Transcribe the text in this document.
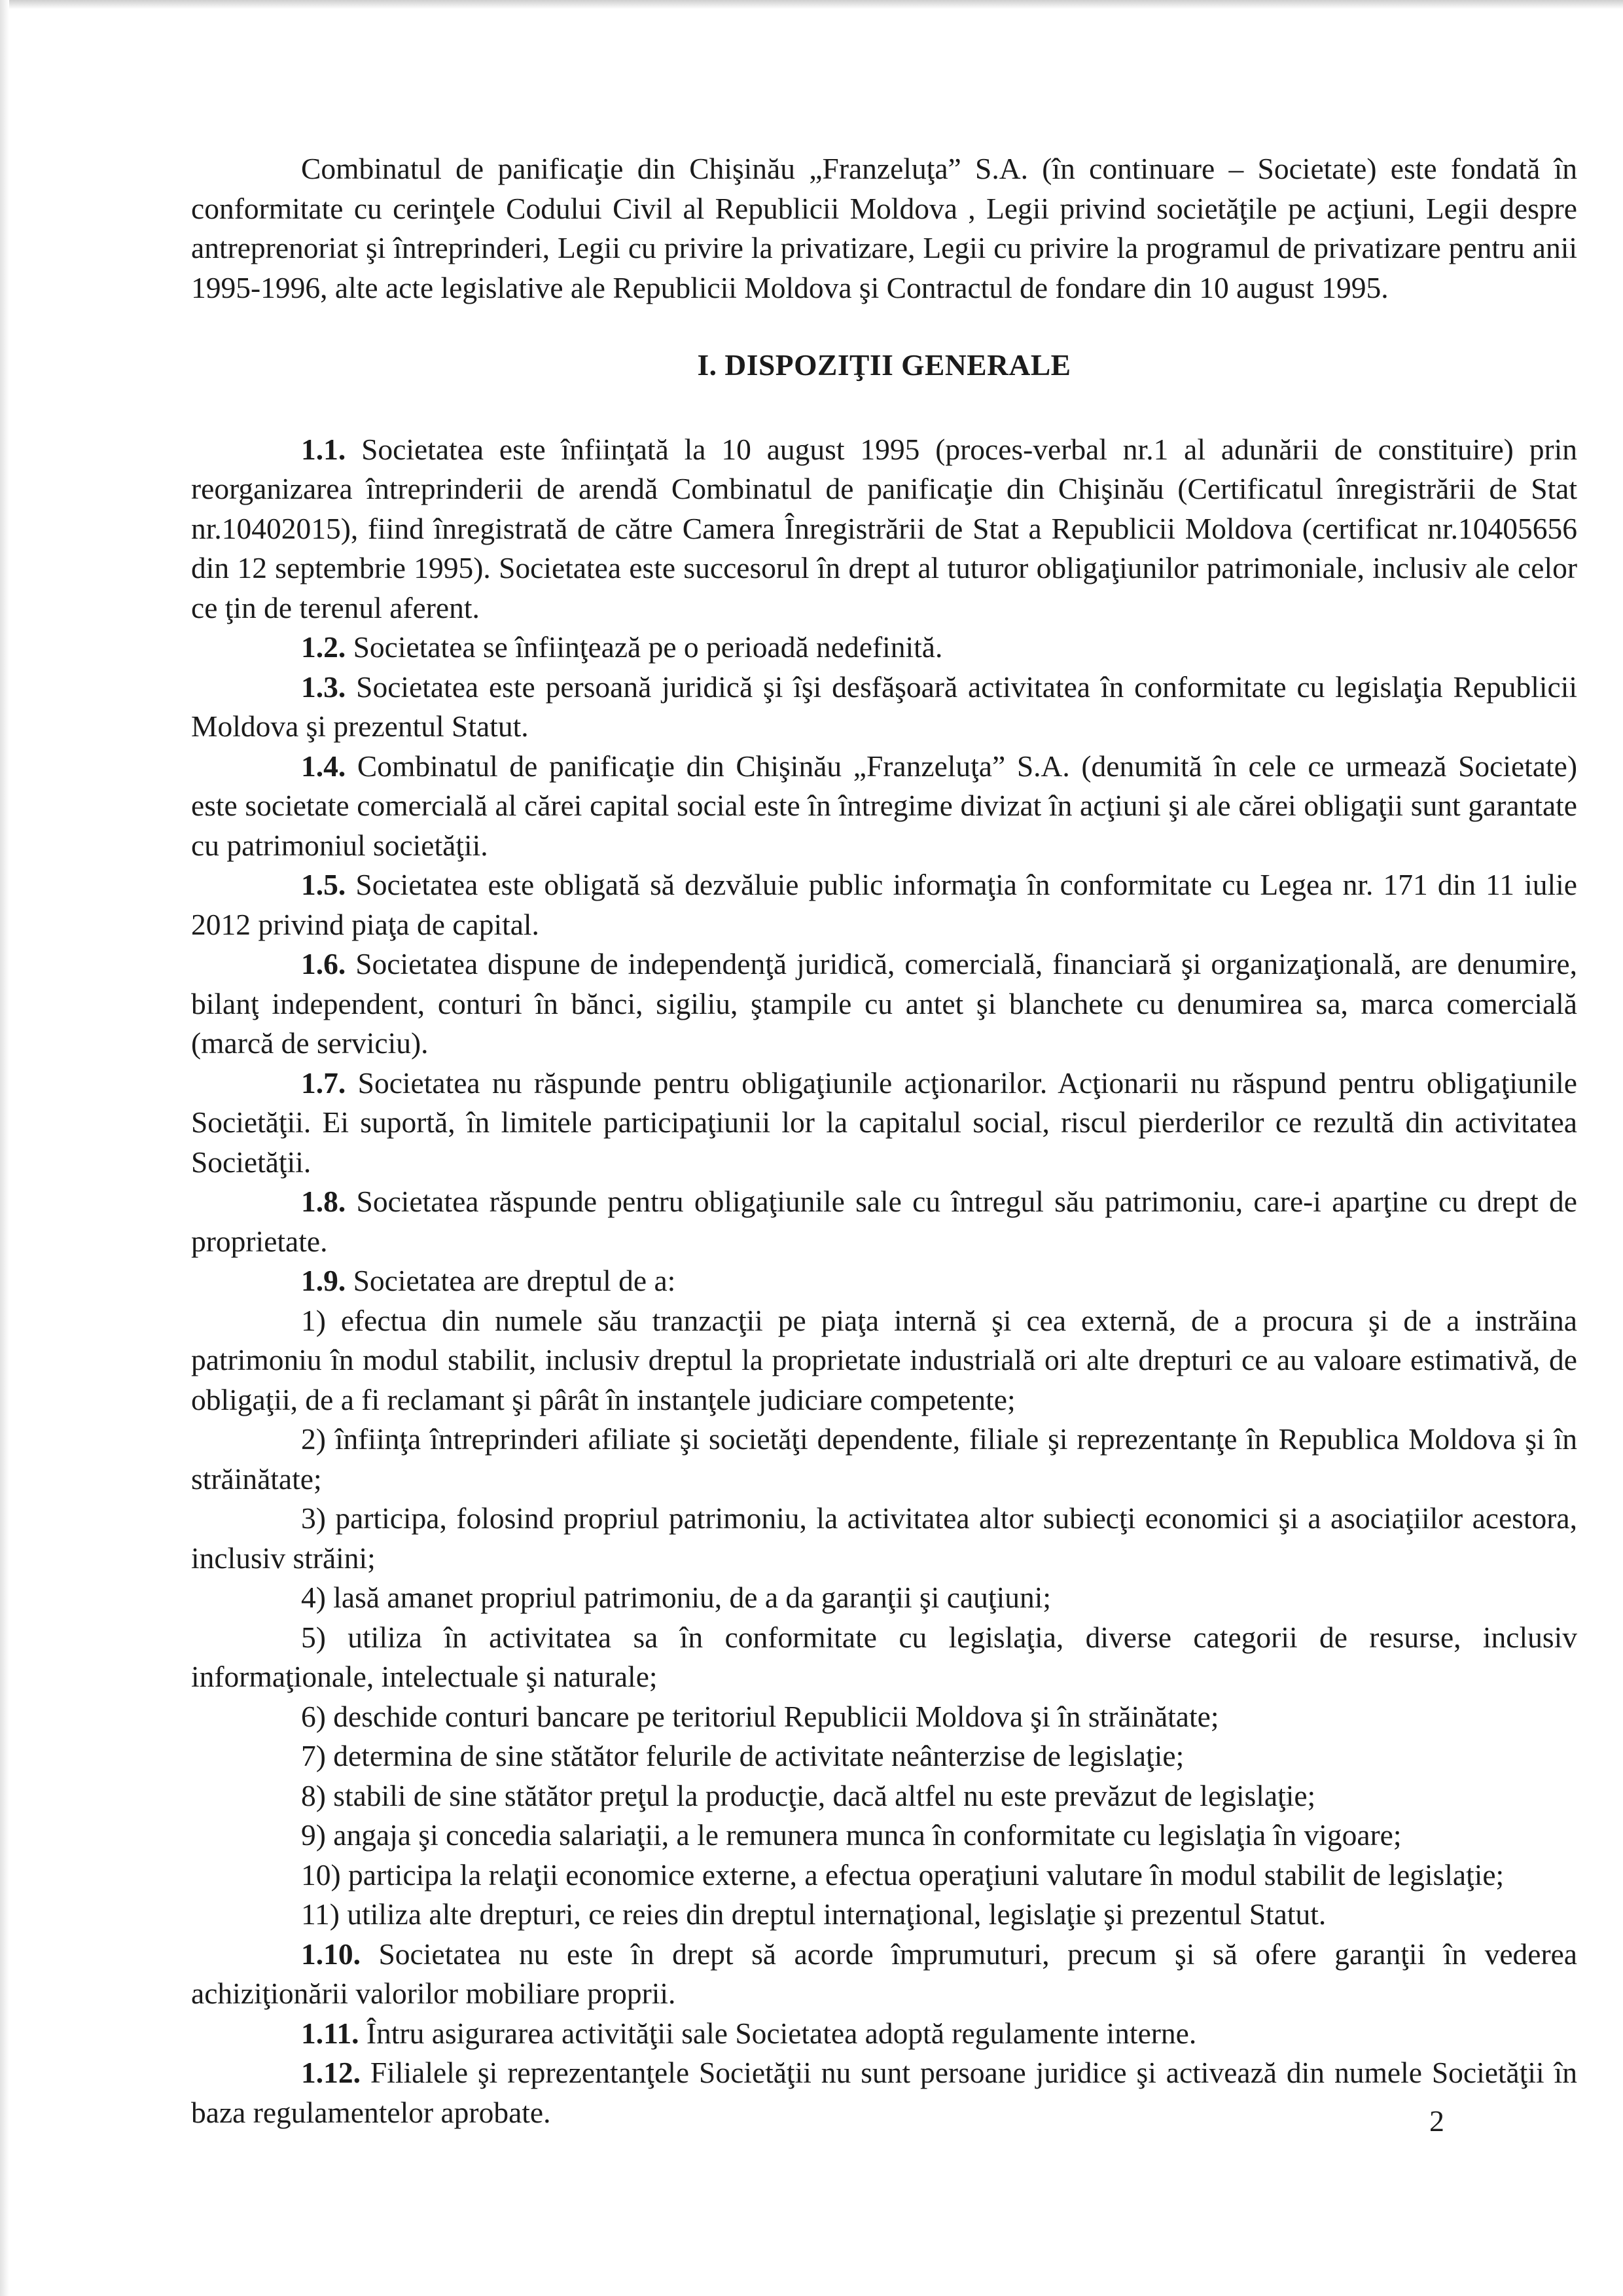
Combinatul de panificaţie din Chişinău „Franzeluţa” S.A. (în continuare – Societate) este fondată în conformitate cu cerinţele Codului Civil al Republicii Moldova , Legii privind societăţile pe acţiuni, Legii despre antreprenoriat şi întreprinderi, Legii cu privire la privatizare, Legii cu privire la programul de privatizare pentru anii 1995-1996, alte acte legislative ale Republicii Moldova şi Contractul de fondare din 10 august 1995.

I. DISPOZIŢII GENERALE

1.1. Societatea este înfiinţată la 10 august 1995 (proces-verbal nr.1 al adunării de constituire) prin reorganizarea întreprinderii de arendă Combinatul de panificaţie din Chişinău (Certificatul înregistrării de Stat nr.10402015), fiind înregistrată de către Camera Înregistrării de Stat a Republicii Moldova (certificat nr.10405656 din 12 septembrie 1995). Societatea este succesorul în drept al tuturor obligaţiunilor patrimoniale, inclusiv ale celor ce ţin de terenul aferent.

1.2. Societatea se înfiinţează pe o perioadă nedefinită.

1.3. Societatea este persoană juridică şi îşi desfăşoară activitatea în conformitate cu legislaţia Republicii Moldova şi prezentul Statut.

1.4. Combinatul de panificaţie din Chişinău „Franzeluţa” S.A. (denumită în cele ce urmează Societate) este societate comercială al cărei capital social este în întregime divizat în acţiuni şi ale cărei obligaţii sunt garantate cu patrimoniul societăţii.

1.5. Societatea este obligată să dezvăluie public informaţia în conformitate cu Legea nr. 171 din 11 iulie 2012 privind piaţa de capital.

1.6. Societatea dispune de independenţă juridică, comercială, financiară şi organizaţională, are denumire, bilanţ independent, conturi în bănci, sigiliu, ştampile cu antet şi blanchete cu denumirea sa, marca comercială (marcă de serviciu).

1.7. Societatea nu răspunde pentru obligaţiunile acţionarilor. Acţionarii nu răspund pentru obligaţiunile Societăţii. Ei suportă, în limitele participaţiunii lor la capitalul social, riscul pierderilor ce rezultă din activitatea Societăţii.

1.8. Societatea răspunde pentru obligaţiunile sale cu întregul său patrimoniu, care-i aparţine cu drept de proprietate.

1.9. Societatea are dreptul de a:

1) efectua din numele său tranzacţii pe piaţa internă şi cea externă, de a procura şi de a instrăina patrimoniu în modul stabilit, inclusiv dreptul la proprietate industrială ori alte drepturi ce au valoare estimativă, de obligaţii, de a fi reclamant şi pârât în instanţele judiciare competente;

2) înfiinţa întreprinderi afiliate şi societăţi dependente, filiale şi reprezentanţe în Republica Moldova şi în străinătate;

3) participa, folosind propriul patrimoniu, la activitatea altor subiecţi economici şi a asociaţiilor acestora, inclusiv străini;

4) lasă amanet propriul patrimoniu, de a da garanţii şi cauţiuni;

5) utiliza în activitatea sa în conformitate cu legislaţia, diverse categorii de resurse, inclusiv informaţionale, intelectuale şi naturale;

6) deschide conturi bancare pe teritoriul Republicii Moldova şi în străinătate;

7) determina de sine stătător felurile de activitate neânterzise de legislaţie;

8) stabili de sine stătător preţul la producţie, dacă altfel nu este prevăzut de legislaţie;

9) angaja şi concedia salariaţii, a le remunera munca în conformitate cu legislaţia în vigoare;

10) participa la relaţii economice externe, a efectua operaţiuni valutare în modul stabilit de legislaţie;

11) utiliza alte drepturi, ce reies din dreptul internaţional, legislaţie şi prezentul Statut.

1.10. Societatea nu este în drept să acorde împrumuturi, precum şi să ofere garanţii în vederea achiziţionării valorilor mobiliare proprii.

1.11. Întru asigurarea activităţii sale Societatea adoptă regulamente interne.

1.12. Filialele şi reprezentanţele Societăţii nu sunt persoane juridice şi activează din numele Societăţii în baza regulamentelor aprobate.	2
